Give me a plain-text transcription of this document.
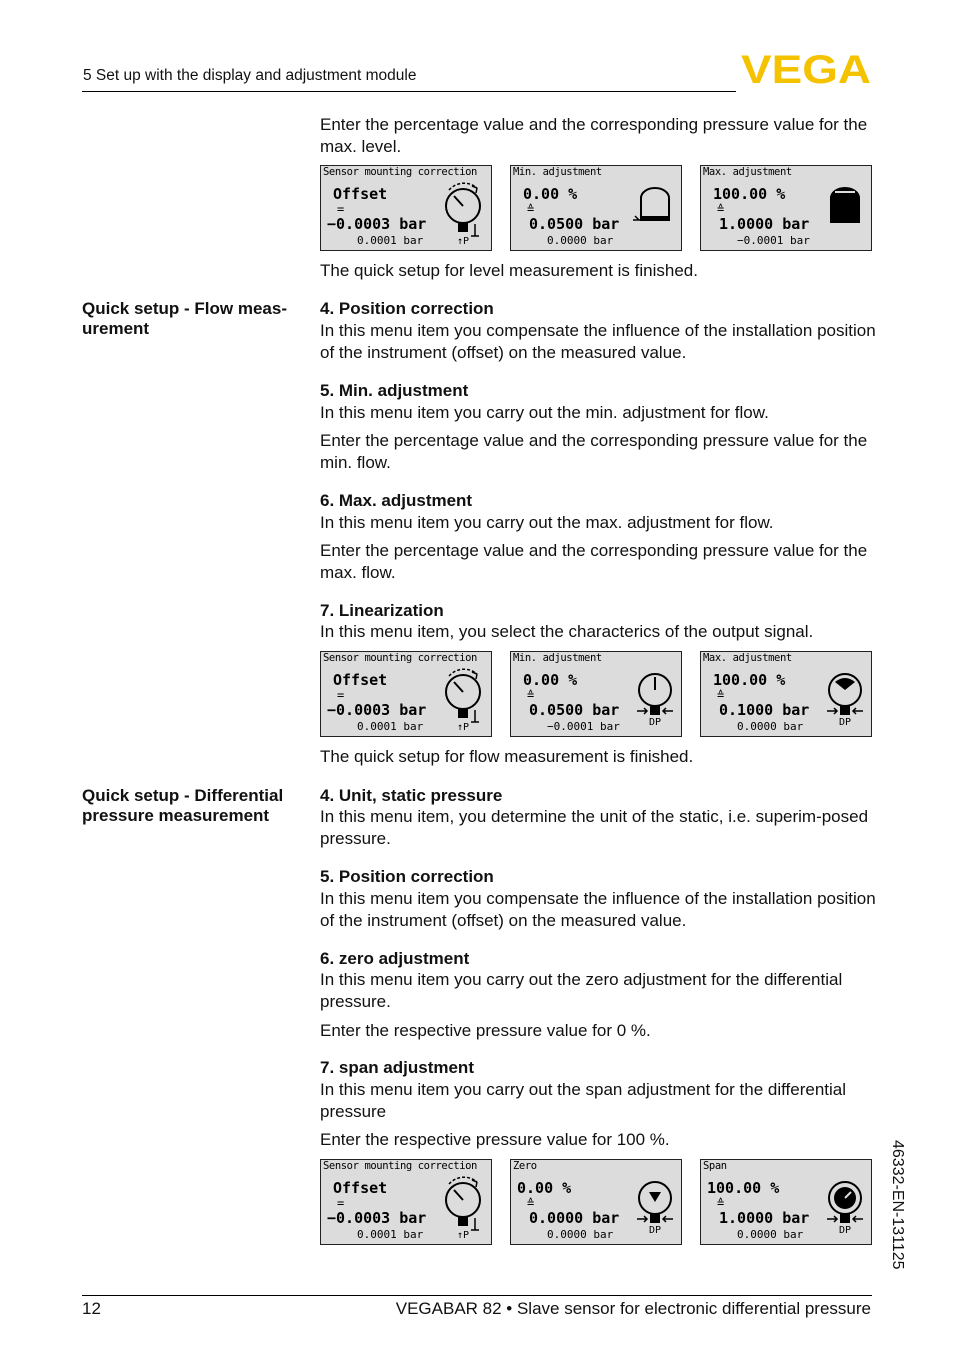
5 Set up with the display and adjustment module	VEGA

Enter the percentage value and the corresponding pressure value for the max. level.

Sensor mounting correction
Offset
=
−0.0003 bar
0.0001 bar	↑P
Min. adjustment
0.00 %
≙
0.0500 bar
0.0000 bar
Max. adjustment
100.00 %
≙
1.0000 bar
−0.0001 bar

The quick setup for level measurement is finished.

Quick setup - Flow meas-urement

4. Position correction

In this menu item you compensate the influence of the installation position of the instrument (offset) on the measured value.

5. Min. adjustment

In this menu item you carry out the min. adjustment for flow.

Enter the percentage value and the corresponding pressure value for the min. flow.

6. Max. adjustment

In this menu item you carry out the max. adjustment for flow.

Enter the percentage value and the corresponding pressure value for the max. flow.

7. Linearization

In this menu item, you select the characterics of the output signal.

Sensor mounting correction
Offset
=
−0.0003 bar
0.0001 bar	↑P
Min. adjustment
0.00 %
≙
0.0500 bar
−0.0001 bar	DP
Max. adjustment
100.00 %
≙
0.1000 bar
0.0000 bar	DP

The quick setup for flow measurement is finished.

Quick setup - Differential pressure measurement

4. Unit, static pressure

In this menu item, you determine the unit of the static, i.e. superim-posed pressure.

5. Position correction

In this menu item you compensate the influence of the installation position of the instrument (offset) on the measured value.

6. zero adjustment

In this menu item you carry out the zero adjustment for the differential pressure.

Enter the respective pressure value for 0 %.

7. span adjustment

In this menu item you carry out the span adjustment for the differential pressure

Enter the respective pressure value for 100 %.

Sensor mounting correction
Offset
=
−0.0003 bar
0.0001 bar	↑P
Zero
0.00 %
≙
0.0000 bar
0.0000 bar	DP
Span
100.00 %
≙
1.0000 bar
0.0000 bar	DP 46332-EN-131125
12	VEGABAR 82 • Slave sensor for electronic differential pressure
